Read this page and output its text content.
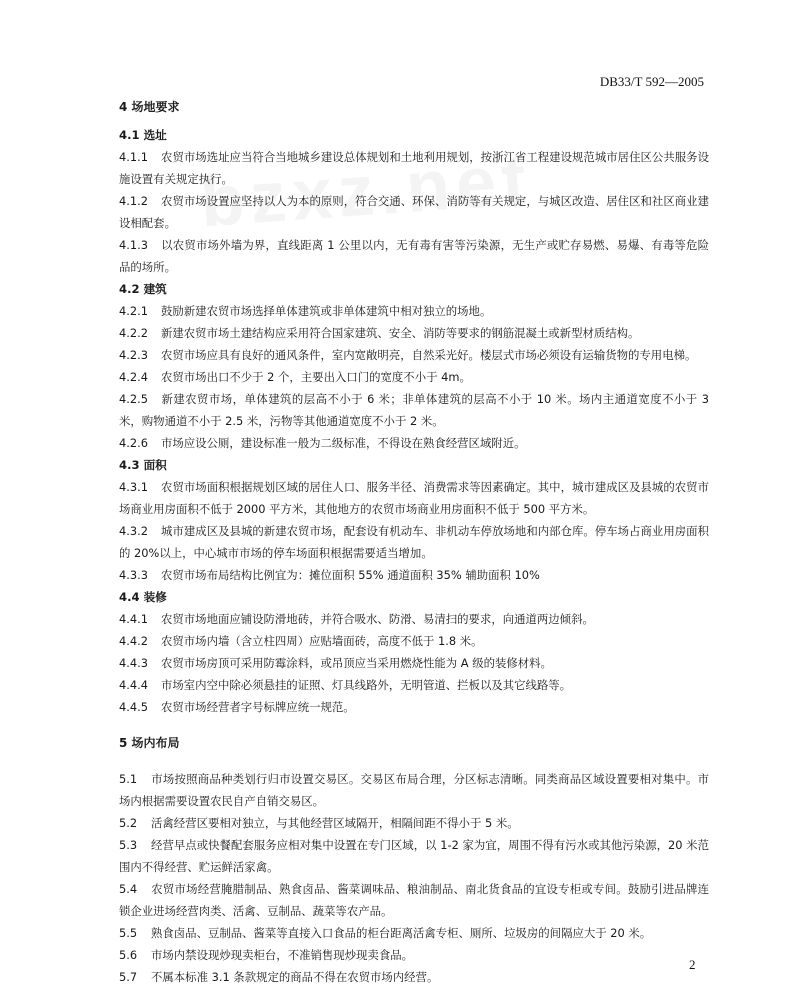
DB33/T 592—2005
4 场地要求
4.1 选址
4.1.1 农贸市场选址应当符合当地城乡建设总体规划和土地利用规划，按浙江省工程建设规范城市居住区公共服务设施设置有关规定执行。
4.1.2 农贸市场设置应坚持以人为本的原则，符合交通、环保、消防等有关规定，与城区改造、居住区和社区商业建设相配套。
4.1.3 以农贸市场外墙为界，直线距离 1 公里以内，无有毒有害等污染源，无生产或贮存易燃、易爆、有毒等危险品的场所。
4.2 建筑
4.2.1 鼓励新建农贸市场选择单体建筑或非单体建筑中相对独立的场地。
4.2.2 新建农贸市场土建结构应采用符合国家建筑、安全、消防等要求的钢筋混凝土或新型材质结构。
4.2.3 农贸市场应具有良好的通风条件，室内宽敞明亮，自然采光好。楼层式市场必须设有运输货物的专用电梯。
4.2.4 农贸市场出口不少于 2 个，主要出入口门的宽度不小于 4m。
4.2.5 新建农贸市场，单体建筑的层高不小于 6 米；非单体建筑的层高不小于 10 米。场内主通道宽度不小于 3 米，购物通道不小于 2.5 米，污物等其他通道宽度不小于 2 米。
4.2.6 市场应设公厕，建设标准一般为二级标准，不得设在熟食经营区域附近。
4.3 面积
4.3.1 农贸市场面积根据规划区域的居住人口、服务半径、消费需求等因素确定。其中，城市建成区及县城的农贸市场商业用房面积不低于 2000 平方米，其他地方的农贸市场商业用房面积不低于 500 平方米。
4.3.2 城市建成区及县城的新建农贸市场，配套设有机动车、非机动车停放场地和内部仓库。停车场占商业用房面积的 20%以上，中心城市市场的停车场面积根据需要适当增加。
4.3.3 农贸市场布局结构比例宜为：摊位面积 55% 通道面积 35% 辅助面积 10%
4.4 装修
4.4.1 农贸市场地面应铺设防滑地砖，并符合吸水、防滑、易清扫的要求，向通道两边倾斜。
4.4.2 农贸市场内墙（含立柱四周）应贴墙面砖，高度不低于 1.8 米。
4.4.3 农贸市场房顶可采用防霉涂料，或吊顶应当采用燃烧性能为 A 级的装修材料。
4.4.4 市场室内空中除必须悬挂的证照、灯具线路外，无明管道、拦板以及其它线路等。
4.4.5 农贸市场经营者字号标牌应统一规范。
5 场内布局
5.1 市场按照商品种类划行归市设置交易区。交易区布局合理，分区标志清晰。同类商品区域设置要相对集中。市场内根据需要设置农民自产自销交易区。
5.2 活禽经营区要相对独立，与其他经营区域隔开，相隔间距不得小于 5 米。
5.3 经营早点或快餐配套服务应相对集中设置在专门区域，以 1-2 家为宜，周围不得有污水或其他污染源，20 米范围内不得经营、贮运鲜活家禽。
5.4 农贸市场经营腌腊制品、熟食卤品、酱菜调味品、粮油制品、南北货食品的宜设专柜或专间。鼓励引进品牌连锁企业进场经营肉类、活禽、豆制品、蔬菜等农产品。
5.5 熟食卤品、豆制品、酱菜等直接入口食品的柜台距离活禽专柜、厕所、垃圾房的间隔应大于 20 米。
5.6 市场内禁设现炒现卖柜台，不准销售现炒现卖食品。
5.7 不属本标准 3.1 条款规定的商品不得在农贸市场内经营。
2
